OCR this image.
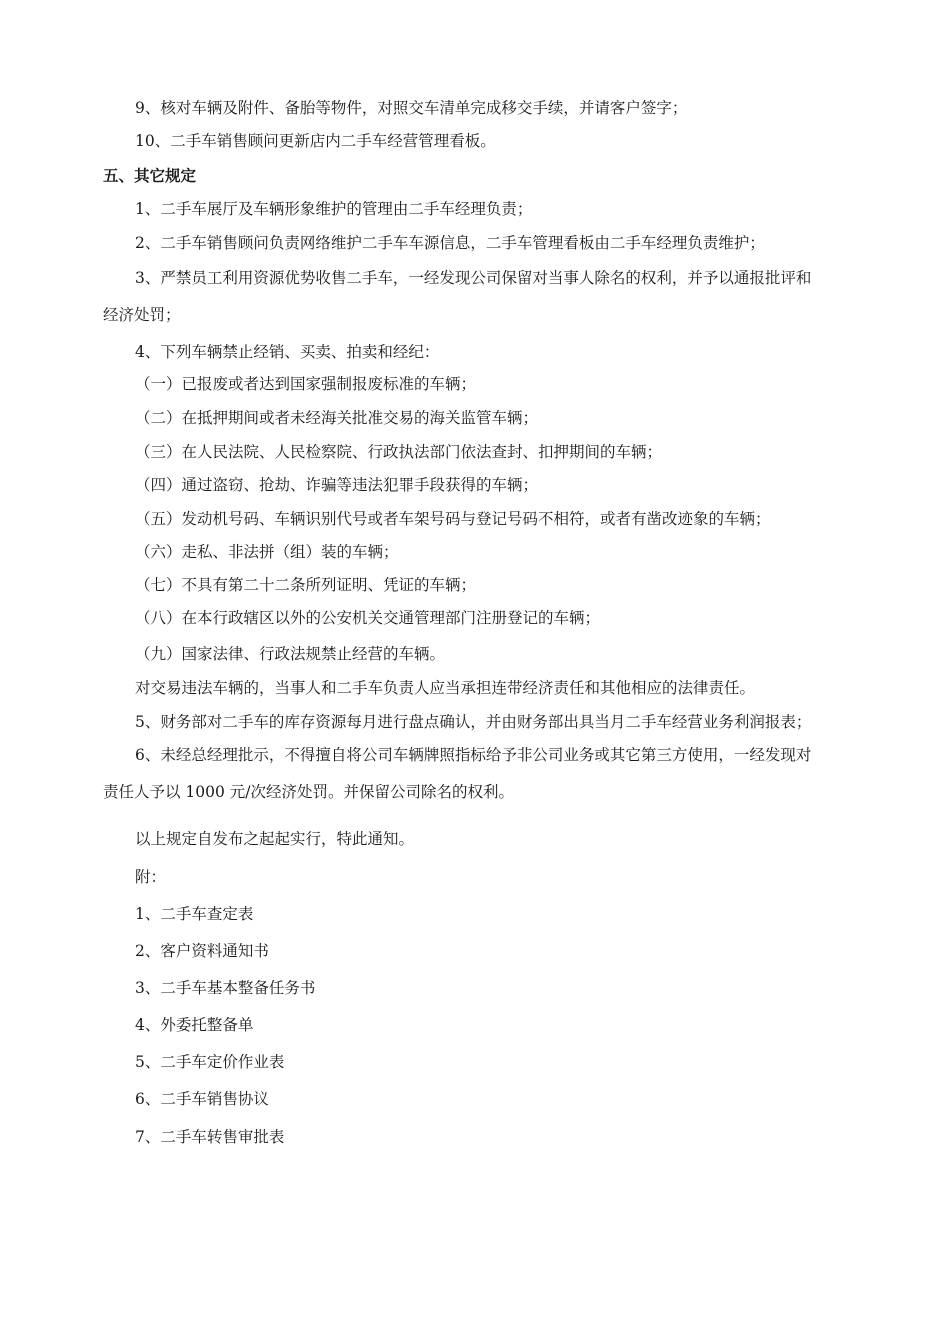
9、核对车辆及附件、备胎等物件，对照交车清单完成移交手续，并请客户签字；
10、二手车销售顾问更新店内二手车经营管理看板。
五、其它规定
1、二手车展厅及车辆形象维护的管理由二手车经理负责；
2、二手车销售顾问负责网络维护二手车车源信息，二手车管理看板由二手车经理负责维护；
3、严禁员工利用资源优势收售二手车，一经发现公司保留对当事人除名的权利，并予以通报批评和
经济处罚；
4、下列车辆禁止经销、买卖、拍卖和经纪：
（一）已报废或者达到国家强制报废标准的车辆；
（二）在抵押期间或者未经海关批准交易的海关监管车辆；
（三）在人民法院、人民检察院、行政执法部门依法查封、扣押期间的车辆；
（四）通过盗窃、抢劫、诈骗等违法犯罪手段获得的车辆；
（五）发动机号码、车辆识别代号或者车架号码与登记号码不相符，或者有凿改迹象的车辆；
（六）走私、非法拼（组）装的车辆；
（七）不具有第二十二条所列证明、凭证的车辆；
（八）在本行政辖区以外的公安机关交通管理部门注册登记的车辆；
（九）国家法律、行政法规禁止经营的车辆。
对交易违法车辆的，当事人和二手车负责人应当承担连带经济责任和其他相应的法律责任。
5、财务部对二手车的库存资源每月进行盘点确认，并由财务部出具当月二手车经营业务利润报表；
6、未经总经理批示，不得擅自将公司车辆牌照指标给予非公司业务或其它第三方使用，一经发现对
责任人予以 1000 元/次经济处罚。并保留公司除名的权利。
以上规定自发布之起起实行，特此通知。
附：
1、二手车查定表
2、客户资料通知书
3、二手车基本整备任务书
4、外委托整备单
5、二手车定价作业表
6、二手车销售协议
7、二手车转售审批表
